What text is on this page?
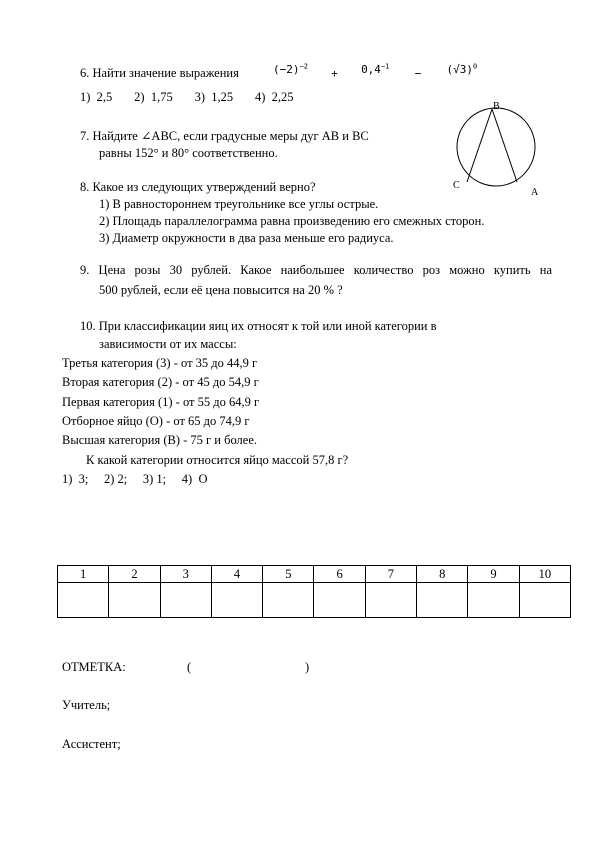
6. Найти значение выражения	$(-2)^{-2} + 0,4^{-1} - (√3)^0$
1)  2,5       2)  1,75       3)  1,25       4)  2,25
7. Найдите ∠ABC, если градусные меры дуг AB и BC
равны 152° и 80° соответственно.
B
C
A
8. Какое из следующих утверждений верно?
1) В равностороннем треугольнике все углы острые.
2) Площадь параллелограмма равна произведению его смежных сторон.
3) Диаметр окружности в два раза меньше его радиуса.
9. Цена розы 30 рублей. Какое наибольшее количество роз можно купить на
500 рублей, если её цена повысится на 20 % ?
10. При классификации яиц их относят к той или иной категории в
зависимости от их массы:
Третья категория (3) - от 35 до 44,9 г
Вторая категория (2) - от 45 до 54,9 г
Первая категория (1) - от 55 до 64,9 г
Отборное яйцо (О) - от 65 до 74,9 г
Высшая категория (В) - 75 г и более.
К какой категории относится яйцо массой 57,8 г?
1)  3;     2) 2;     3) 1;     4)  О
1	2	3	4	5	6	7	8	9	10

ОТМЕТКА:	(	)
Учитель;
Ассистент;
